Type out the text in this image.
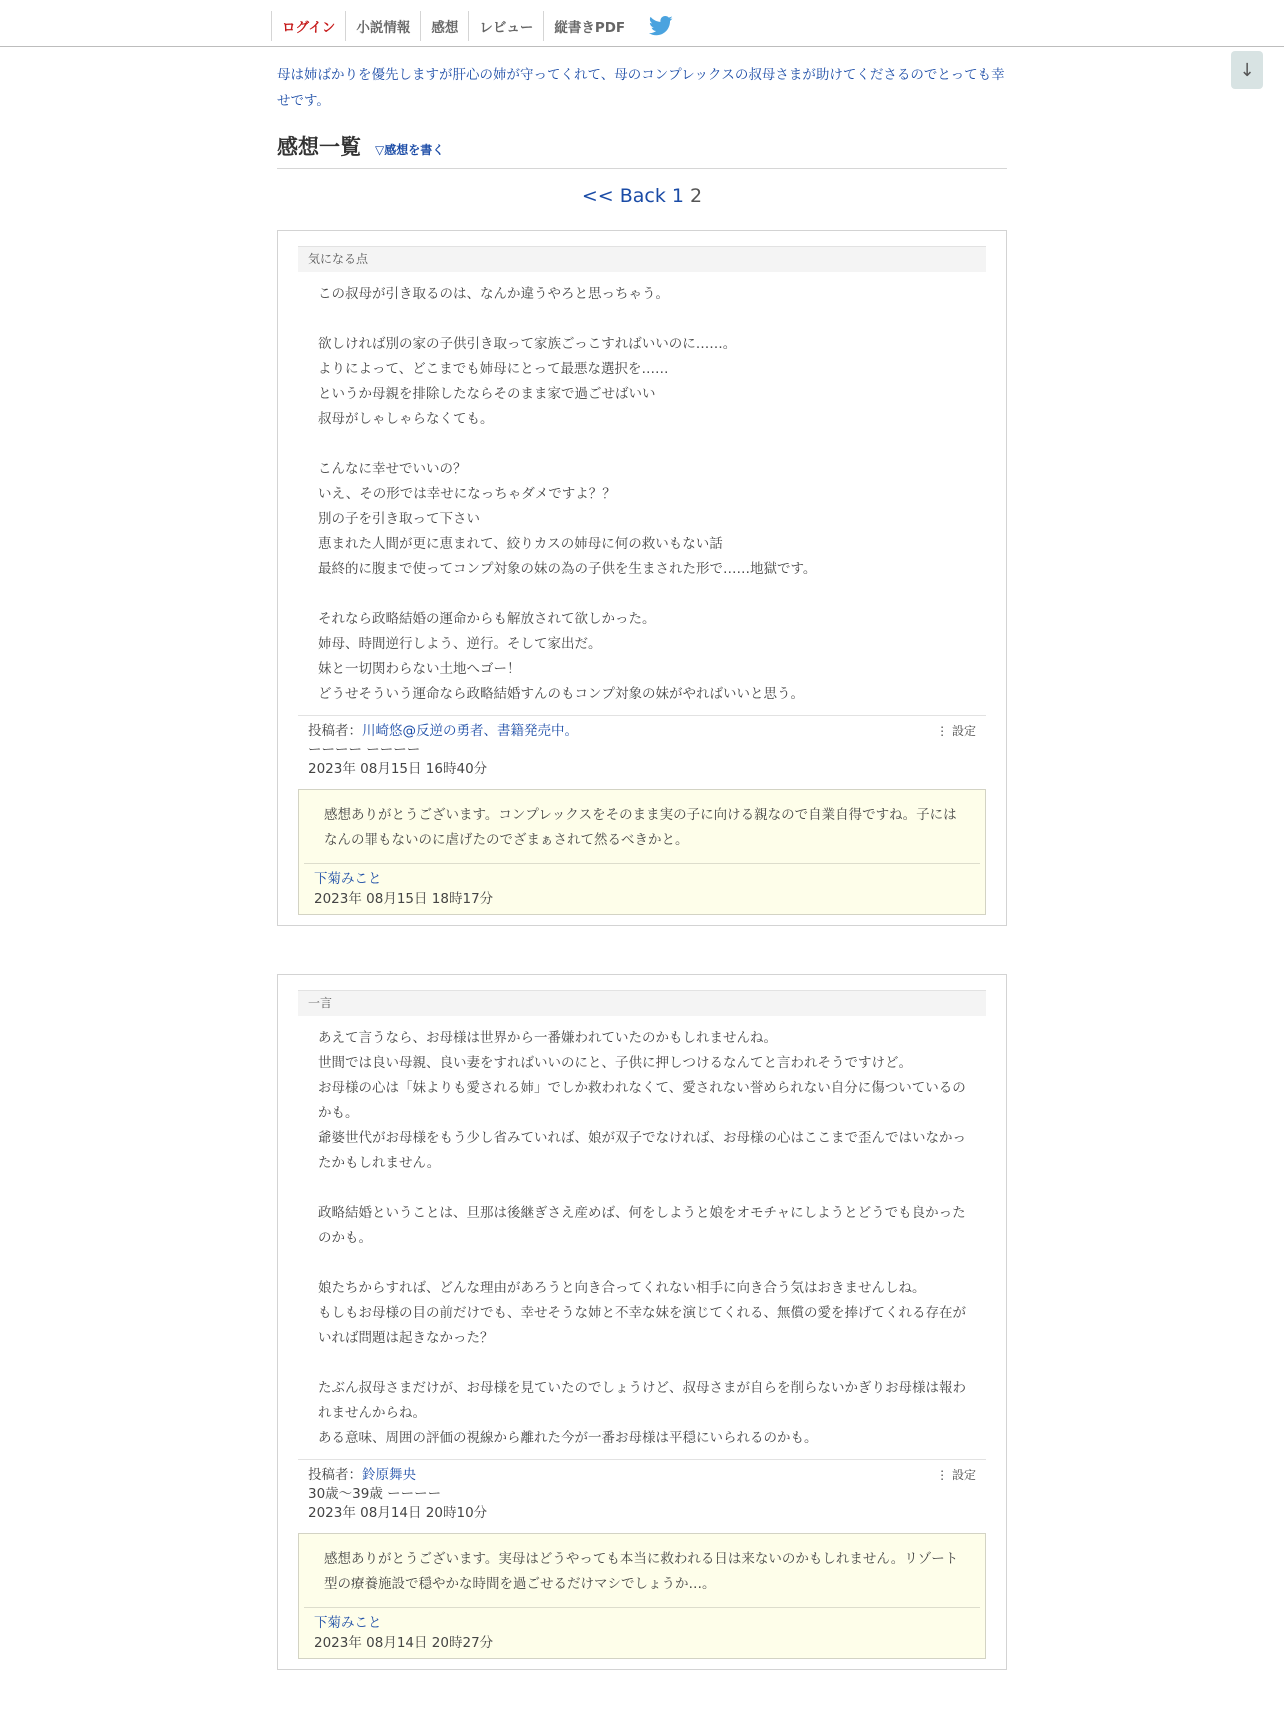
ログイン	小説情報	感想	レビュー	縦書きPDF
↓

母は姉ばかりを優先しますが肝心の姉が守ってくれて、母のコンプレックスの叔母さまが助けてくださるのでとっても幸せです。

感想一覧 ▽感想を書く
<< Back 1 2
気になる点

この叔母が引き取るのは、なんか違うやろと思っちゃう。

欲しければ別の家の子供引き取って家族ごっこすればいいのに……。
よりによって、どこまでも姉母にとって最悪な選択を……
というか母親を排除したならそのまま家で過ごせばいい
叔母がしゃしゃらなくても。

こんなに幸せでいいの？
いえ、その形では幸せになっちゃダメですよ？？
別の子を引き取って下さい
恵まれた人間が更に恵まれて、絞りカスの姉母に何の救いもない話
最終的に腹まで使ってコンプ対象の妹の為の子供を生まされた形で……地獄です。

それなら政略結婚の運命からも解放されて欲しかった。
姉母、時間逆行しよう、逆行。そして家出だ。
妹と一切関わらない土地へゴー！
どうせそういう運命なら政略結婚すんのもコンプ対象の妹がやればいいと思う。

投稿者：川崎悠@反逆の勇者、書籍発売中。
ーーーー ーーーー
2023年 08月15日 16時40分
⋮ 設定

感想ありがとうございます。コンプレックスをそのまま実の子に向ける親なので自業自得ですね。子にはなんの罪もないのに虐げたのでざまぁされて然るべきかと。

下菊みこと
2023年 08月15日 18時17分
一言

あえて言うなら、お母様は世界から一番嫌われていたのかもしれませんね。
世間では良い母親、良い妻をすればいいのにと、子供に押しつけるなんてと言われそうですけど。
お母様の心は「妹よりも愛される姉」でしか救われなくて、愛されない誉められない自分に傷ついているのかも。
爺婆世代がお母様をもう少し省みていれば、娘が双子でなければ、お母様の心はここまで歪んではいなかったかもしれません。

政略結婚ということは、旦那は後継ぎさえ産めば、何をしようと娘をオモチャにしようとどうでも良かったのかも。

娘たちからすれば、どんな理由があろうと向き合ってくれない相手に向き合う気はおきませんしね。
もしもお母様の目の前だけでも、幸せそうな姉と不幸な妹を演じてくれる、無償の愛を捧げてくれる存在がいれば問題は起きなかった？

たぶん叔母さまだけが、お母様を見ていたのでしょうけど、叔母さまが自らを削らないかぎりお母様は報われませんからね。
ある意味、周囲の評価の視線から離れた今が一番お母様は平穏にいられるのかも。

投稿者：鈴原舞央
30歳～39歳 ーーーー
2023年 08月14日 20時10分
⋮ 設定

感想ありがとうございます。実母はどうやっても本当に救われる日は来ないのかもしれません。リゾート型の療養施設で穏やかな時間を過ごせるだけマシでしょうか…。

下菊みこと
2023年 08月14日 20時27分
